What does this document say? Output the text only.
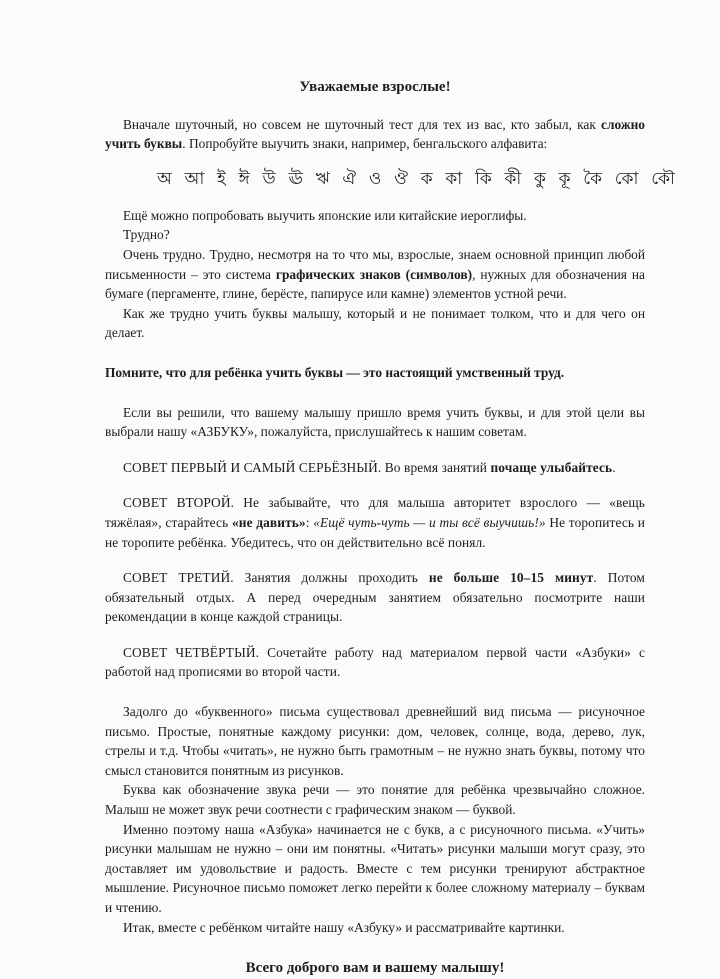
Уважаемые взрослые!

Вначале шуточный, но совсем не шуточный тест для тех из вас, кто забыл, как сложно учить буквы. Попробуйте выучить знаки, например, бенгальского алфавита:

অ আ ই ঈ উ ঊ ঋ ঐ ও ঔ ক কা কি কী কু কূ কৈ কো কৌ

Ещё можно попробовать выучить японские или китайские иероглифы.

Трудно?

Очень трудно. Трудно, несмотря на то что мы, взрослые, знаем основной принцип любой письменности – это система графических знаков (символов), нужных для обозначения на бумаге (пергаменте, глине, берёсте, папирусе или камне) элементов устной речи.

Как же трудно учить буквы малышу, который и не понимает толком, что и для чего он делает.

Помните, что для ребёнка учить буквы — это настоящий умственный труд.

Если вы решили, что вашему малышу пришло время учить буквы, и для этой цели вы выбрали нашу «АЗБУКУ», пожалуйста, прислушайтесь к нашим советам.

СОВЕТ ПЕРВЫЙ И САМЫЙ СЕРЬЁЗНЫЙ. Во время занятий почаще улыбайтесь.

СОВЕТ ВТОРОЙ. Не забывайте, что для малыша авторитет взрослого — «вещь тяжёлая», старайтесь «не давить»: «Ещё чуть-чуть — и ты всё выучишь!» Не торопитесь и не торопите ребёнка. Убедитесь, что он действительно всё понял.

СОВЕТ ТРЕТИЙ. Занятия должны проходить не больше 10–15 минут. Потом обязательный отдых. А перед очередным занятием обязательно посмотрите наши рекомендации в конце каждой страницы.

СОВЕТ ЧЕТВЁРТЫЙ. Сочетайте работу над материалом первой части «Азбуки» с работой над прописями во второй части.

Задолго до «буквенного» письма существовал древнейший вид письма — рисуночное письмо. Простые, понятные каждому рисунки: дом, человек, солнце, вода, дерево, лук, стрелы и т.д. Чтобы «читать», не нужно быть грамотным – не нужно знать буквы, потому что смысл становится понятным из рисунков.

Буква как обозначение звука речи — это понятие для ребёнка чрезвычайно сложное. Малыш не может звук речи соотнести с графическим знаком — буквой.

Именно поэтому наша «Азбука» начинается не с букв, а с рисуночного письма. «Учить» рисунки малышам не нужно – они им понятны. «Читать» рисунки малыши могут сразу, это доставляет им удовольствие и радость. Вместе с тем рисунки тренируют абстрактное мышление. Рисуночное письмо поможет легко перейти к более сложному материалу – буквам и чтению.

Итак, вместе с ребёнком читайте нашу «Азбуку» и рассматривайте картинки.

Всего доброго вам и вашему малышу!
